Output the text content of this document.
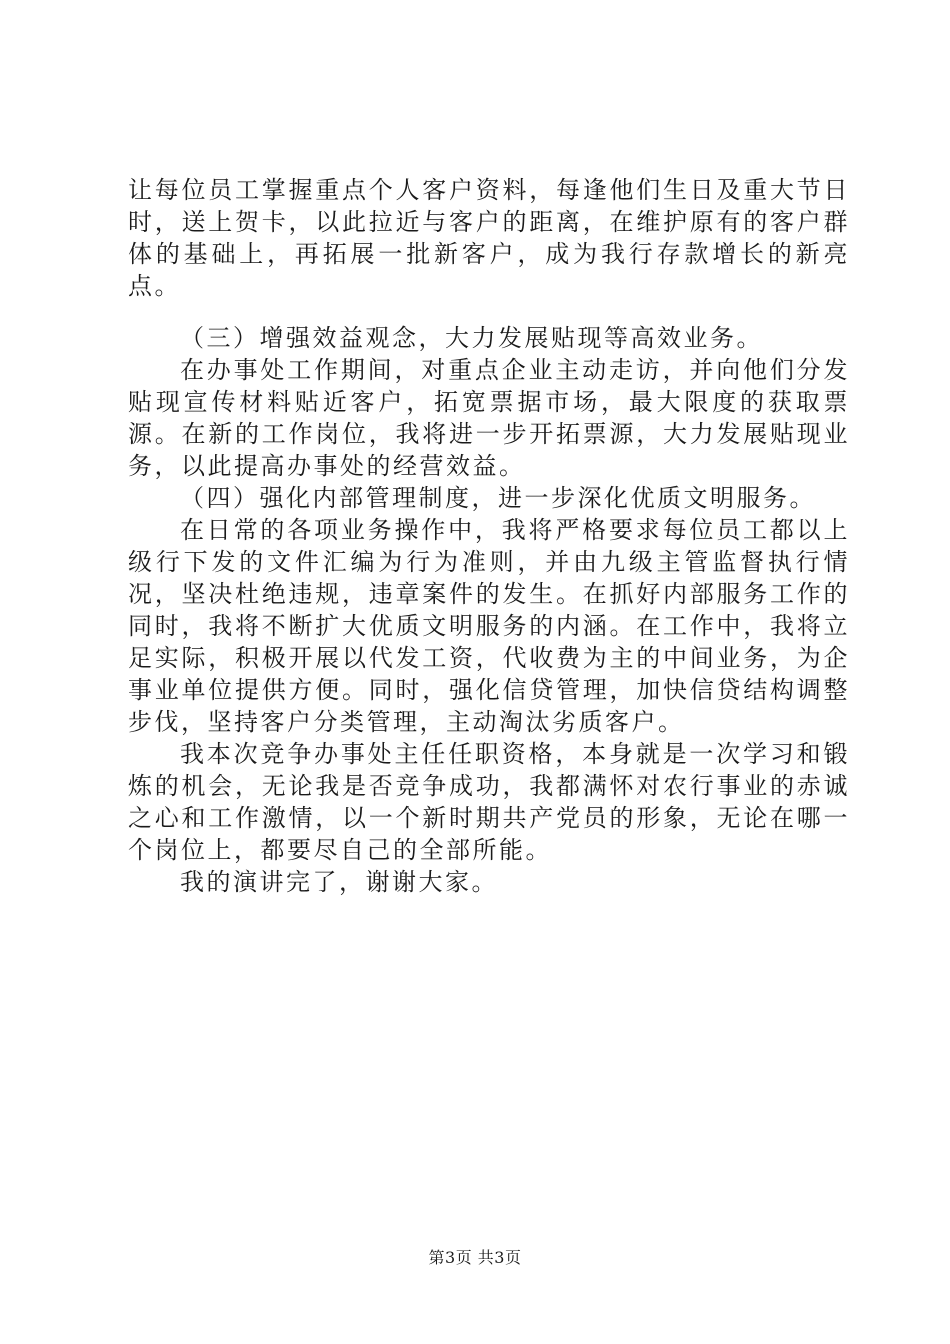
让每位员工掌握重点个人客户资料，每逢他们生日及重大节日时，送上贺卡，以此拉近与客户的距离，在维护原有的客户群体的基础上，再拓展一批新客户，成为我行存款增长的新亮点。

（三）增强效益观念，大力发展贴现等高效业务。

在办事处工作期间，对重点企业主动走访，并向他们分发贴现宣传材料贴近客户，拓宽票据市场，最大限度的获取票源。在新的工作岗位，我将进一步开拓票源，大力发展贴现业务，以此提高办事处的经营效益。

（四）强化内部管理制度，进一步深化优质文明服务。

在日常的各项业务操作中，我将严格要求每位员工都以上级行下发的文件汇编为行为准则，并由九级主管监督执行情况，坚决杜绝违规，违章案件的发生。在抓好内部服务工作的同时，我将不断扩大优质文明服务的内涵。在工作中，我将立足实际，积极开展以代发工资，代收费为主的中间业务，为企事业单位提供方便。同时，强化信贷管理，加快信贷结构调整步伐，坚持客户分类管理，主动淘汰劣质客户。

我本次竞争办事处主任任职资格，本身就是一次学习和锻炼的机会，无论我是否竞争成功，我都满怀对农行事业的赤诚之心和工作激情，以一个新时期共产党员的形象，无论在哪一个岗位上，都要尽自己的全部所能。

我的演讲完了，谢谢大家。

第3页 共3页
